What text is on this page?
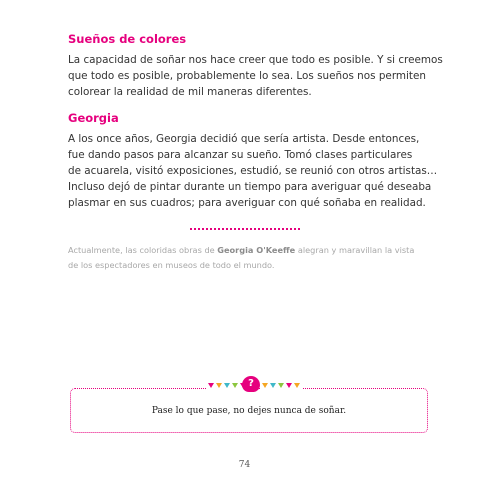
Sueños de colores
La capacidad de soñar nos hace creer que todo es posible. Y si creemos
que todo es posible, probablemente lo sea. Los sueños nos permiten
colorear la realidad de mil maneras diferentes.
Georgia
A los once años, Georgia decidió que sería artista. Desde entonces,
fue dando pasos para alcanzar su sueño. Tomó clases particulares
de acuarela, visitó exposiciones, estudió, se reunió con otros artistas…
Incluso dejó de pintar durante un tiempo para averiguar qué deseaba
plasmar en sus cuadros; para averiguar con qué soñaba en realidad.
Actualmente, las coloridas obras de Georgia O'Keeffe alegran y maravillan la vista
de los espectadores en museos de todo el mundo.
?
Pase lo que pase, no dejes nunca de soñar.
74
